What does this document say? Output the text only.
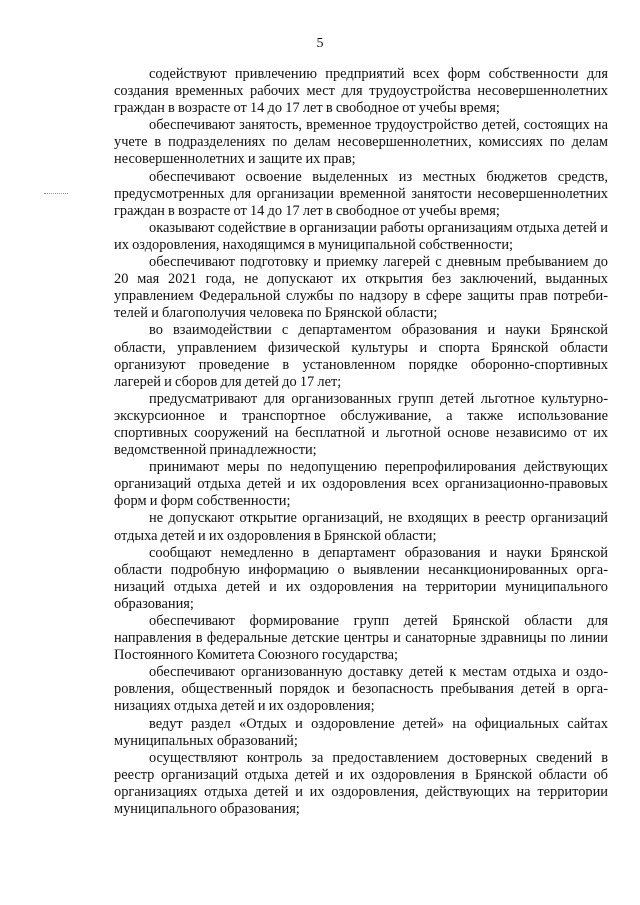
5

содействуют привлечению предприятий всех форм собственности для создания временных рабочих мест для трудоустройства несовершеннолетних граждан в возрасте от 14 до 17 лет в свободное от учебы время;

обеспечивают занятость, временное трудоустройство детей, состоящих на учете в подразделениях по делам несовершеннолетних, комиссиях по делам несовершеннолетних и защите их прав;

обеспечивают освоение выделенных из местных бюджетов средств, предусмотренных для организации временной занятости несовершеннолетних граждан в возрасте от 14 до 17 лет в свободное от учебы время;

оказывают содействие в организации работы организациям отдыха детей и их оздоровления, находящимся в муниципальной собственности;

обеспечивают подготовку и приемку лагерей с дневным пребыванием до 20 мая 2021 года, не допускают их открытия без заключений, выданных управлением Федеральной службы по надзору в сфере защиты прав потребителей и благополучия человека по Брянской области;

во взаимодействии с департаментом образования и науки Брянской области, управлением физической культуры и спорта Брянской области организуют проведение в установленном порядке оборонно-спортивных лагерей и сборов для детей до 17 лет;

предусматривают для организованных групп детей льготное культурно-экскурсионное и транспортное обслуживание, а также использование спортивных сооружений на бесплатной и льготной основе независимо от их ведомственной принадлежности;

принимают меры по недопущению перепрофилирования действующих организаций отдыха детей и их оздоровления всех организационно-правовых форм и форм собственности;

не допускают открытие организаций, не входящих в реестр организаций отдыха детей и их оздоровления в Брянской области;

сообщают немедленно в департамент образования и науки Брянской области подробную информацию о выявлении несанкционированных организаций отдыха детей и их оздоровления на территории муниципального образования;

обеспечивают формирование групп детей Брянской области для направления в федеральные детские центры и санаторные здравницы по линии Постоянного Комитета Союзного государства;

обеспечивают организованную доставку детей к местам отдыха и оздоровления, общественный порядок и безопасность пребывания детей в организациях отдыха детей и их оздоровления;

ведут раздел «Отдых и оздоровление детей» на официальных сайтах муниципальных образований;

осуществляют контроль за предоставлением достоверных сведений в реестр организаций отдыха детей и их оздоровления в Брянской области об организациях отдыха детей и их оздоровления, действующих на территории муниципального образования;
